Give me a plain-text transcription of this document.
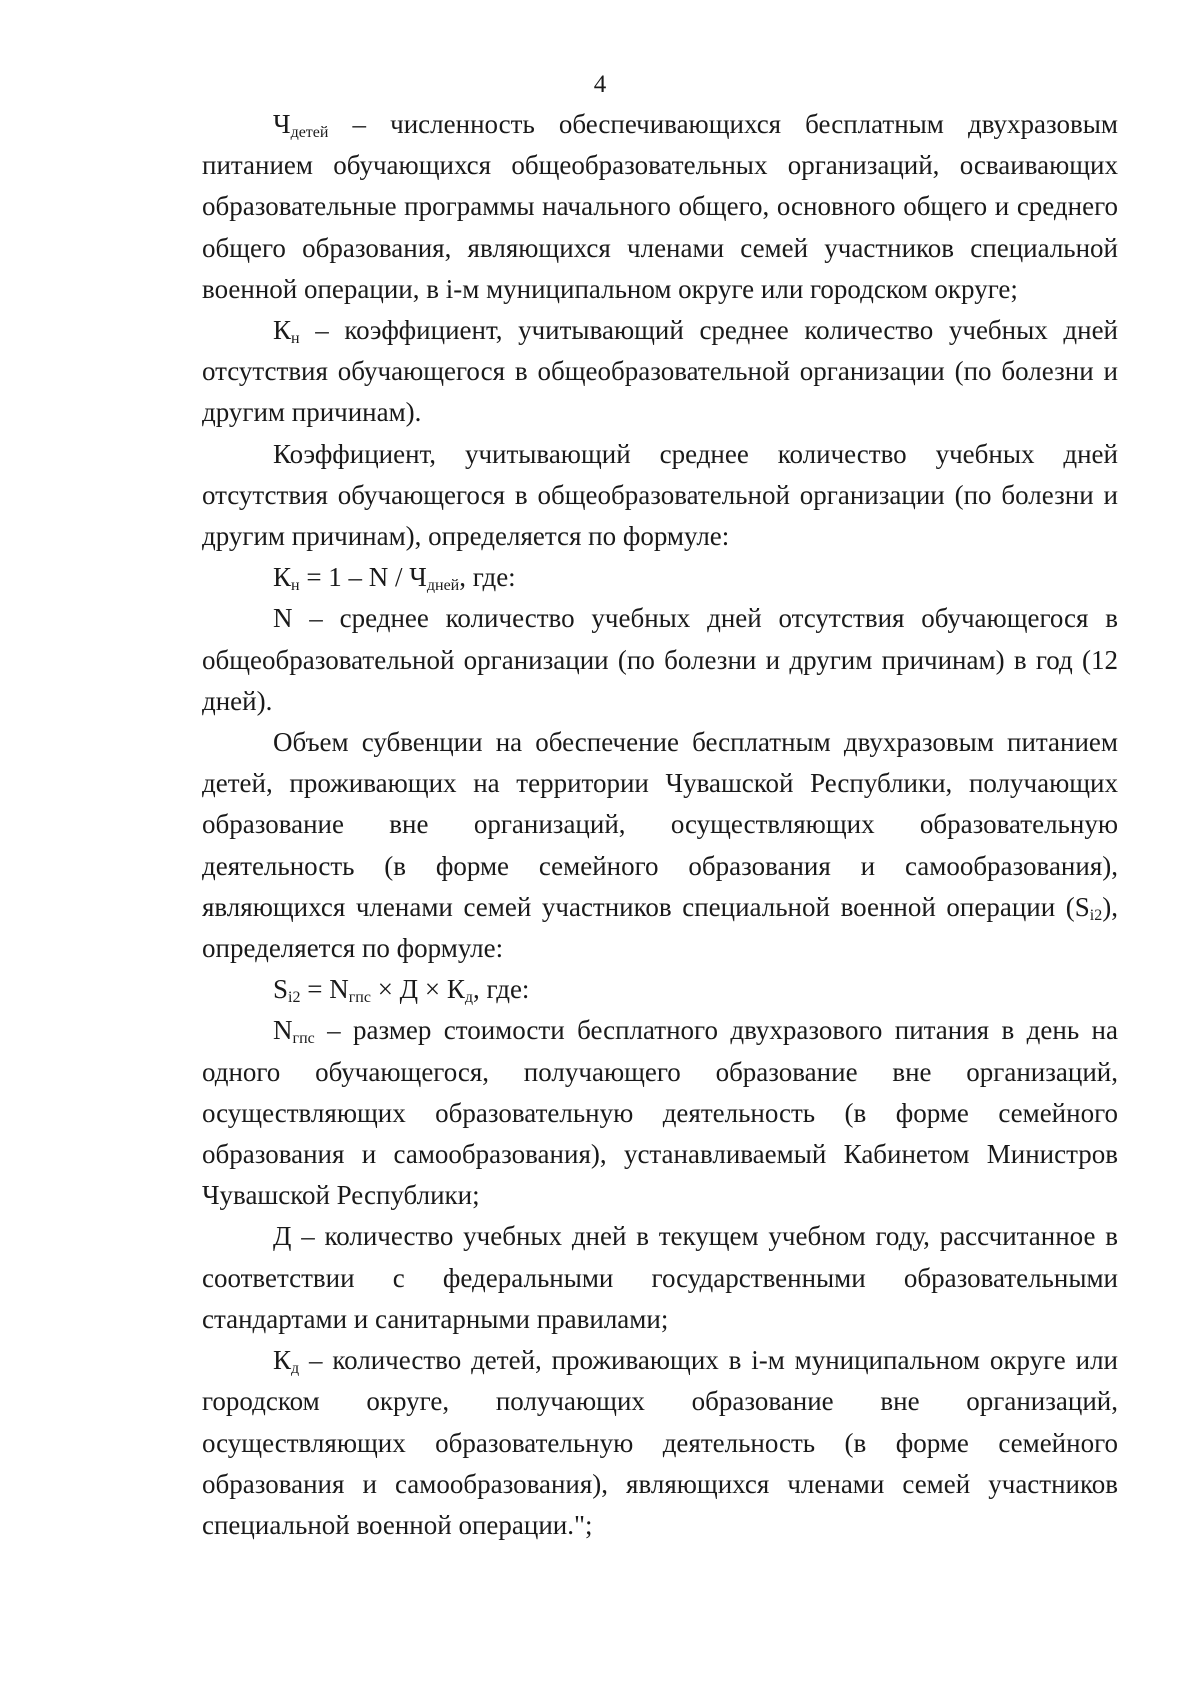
4

$Ч_{детей}$ – численность обеспечивающихся бесплатным двухразовым питанием обучающихся общеобразовательных организаций, осваивающих образовательные программы начального общего, основного общего и среднего общего образования, являющихся членами семей участников специальной военной операции, в і-м муниципальном округе или городском округе;

$К_н$ – коэффициент, учитывающий среднее количество учебных дней отсутствия обучающегося в общеобразовательной организации (по болезни и другим причинам).

Коэффициент, учитывающий среднее количество учебных дней отсутствия обучающегося в общеобразовательной организации (по болезни и другим причинам), определяется по формуле:

$К_н = 1 - N / Ч_{дней}$, где:

N – среднее количество учебных дней отсутствия обучающегося в общеобразовательной организации (по болезни и другим причинам) в год (12 дней).

Объем субвенции на обеспечение бесплатным двухразовым питанием детей, проживающих на территории Чувашской Республики, получающих образование вне организаций, осуществляющих образовательную деятельность (в форме семейного образования и самообразования), являющихся членами семей участников специальной военной операции $(S_{i2})$, определяется по формуле:

$S_{i2} = N_{гпс} \times Д \times К_д$, где:

$N_{гпс}$ – размер стоимости бесплатного двухразового питания в день на одного обучающегося, получающего образование вне организаций, осуществляющих образовательную деятельность (в форме семейного образования и самообразования), устанавливаемый Кабинетом Министров Чувашской Республики;

Д – количество учебных дней в текущем учебном году, рассчитанное в соответствии с федеральными государственными образовательными стандартами и санитарными правилами;

$К_д$ – количество детей, проживающих в і-м муниципальном округе или городском округе, получающих образование вне организаций, осуществляющих образовательную деятельность (в форме семейного образования и самообразования), являющихся членами семей участников специальной военной операции.";
